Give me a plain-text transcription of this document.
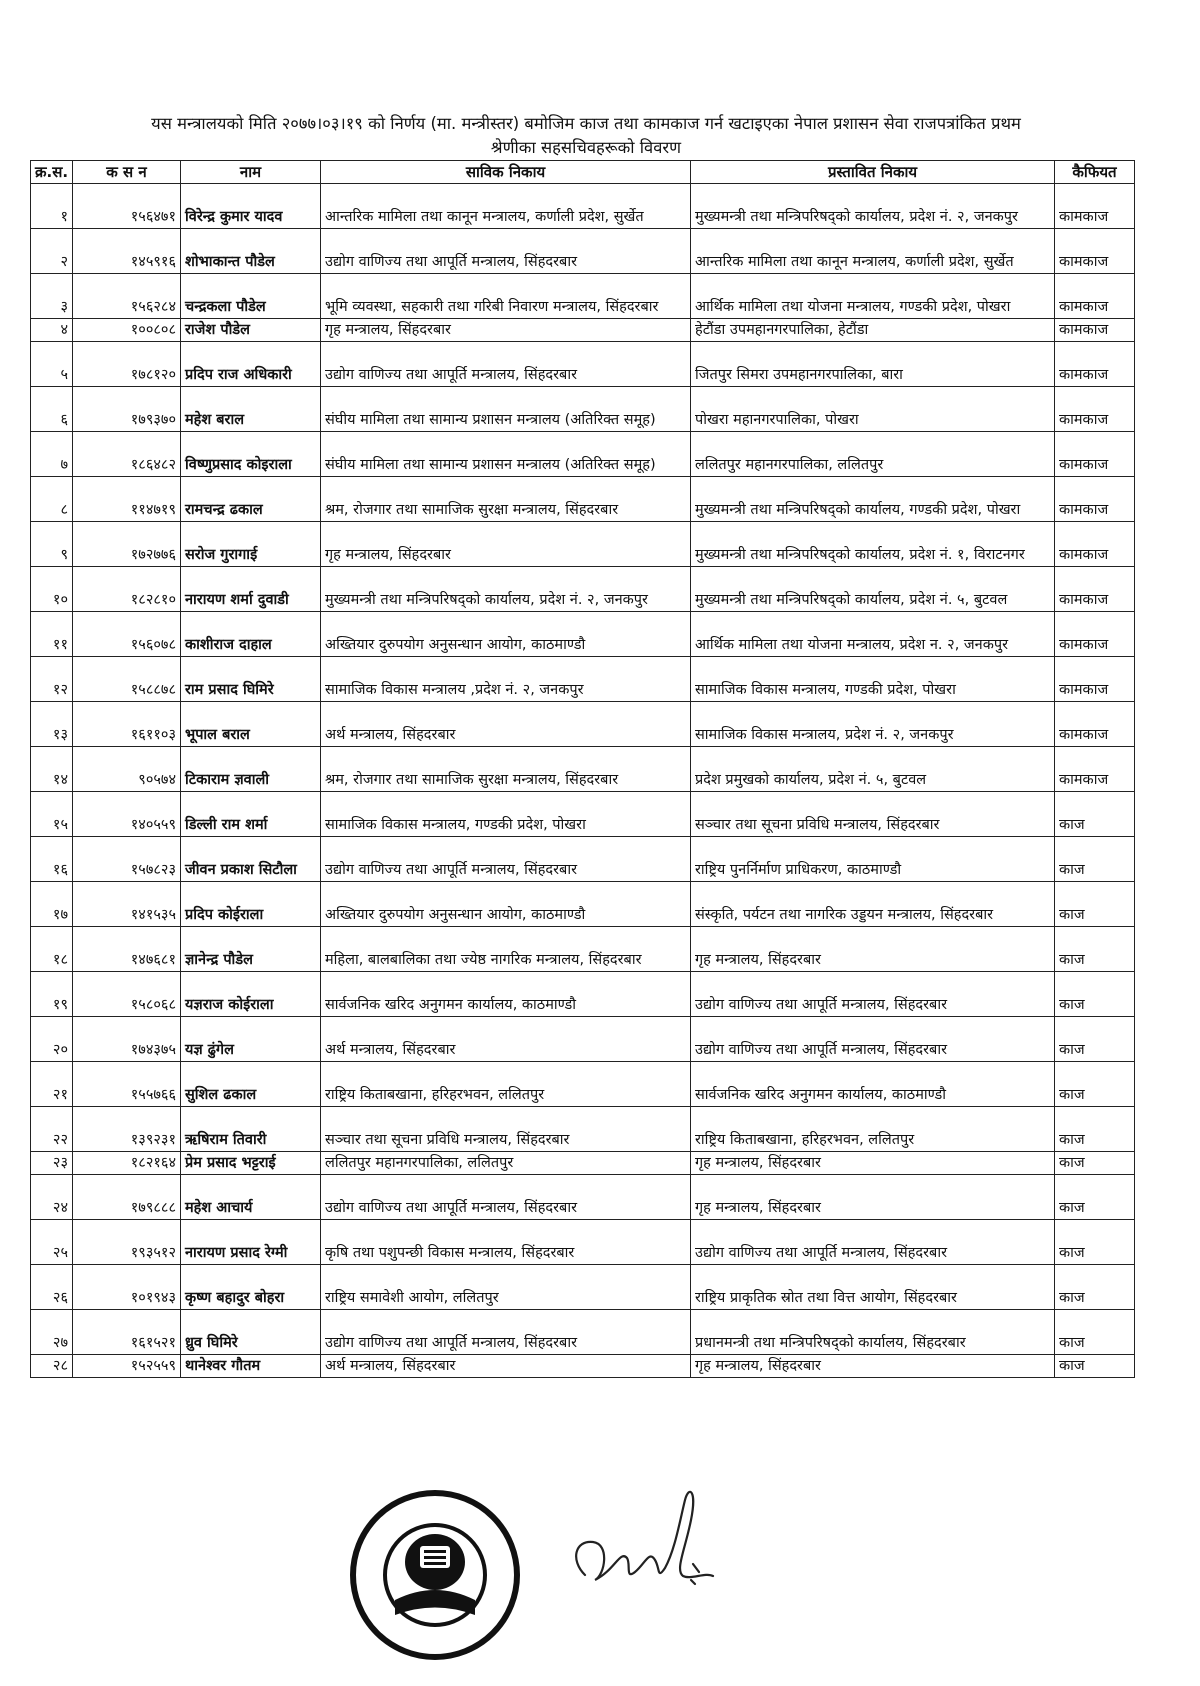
यस मन्त्रालयको मिति २०७७।०३।१९ को निर्णय (मा. मन्त्रीस्तर) बमोजिम काज तथा कामकाज गर्न खटाइएका नेपाल प्रशासन सेवा राजपत्रांकित प्रथम
श्रेणीका सहसचिवहरूको विवरण
क्र.स.	क स न	नाम	साविक निकाय	प्रस्तावित निकाय	कैफियत
१	१५६४७१	विरेन्द्र कुमार यादव	आन्तरिक मामिला तथा कानून मन्त्रालय, कर्णाली प्रदेश, सुर्खेत	मुख्यमन्त्री तथा मन्त्रिपरिषद्को कार्यालय, प्रदेश नं. २, जनकपुर	कामकाज
२	१४५९१६	शोभाकान्त पौडेल	उद्योग वाणिज्य तथा आपूर्ति मन्त्रालय, सिंहदरबार	आन्तरिक मामिला तथा कानून मन्त्रालय, कर्णाली प्रदेश, सुर्खेत	कामकाज
३	१५६२८४	चन्द्रकला पौडेल	भूमि व्यवस्था, सहकारी तथा गरिबी निवारण मन्त्रालय, सिंहदरबार	आर्थिक मामिला तथा योजना मन्त्रालय, गण्डकी प्रदेश, पोखरा	कामकाज
४	१००८०८	राजेश पौडेल	गृह मन्त्रालय, सिंहदरबार	हेटौंडा उपमहानगरपालिका, हेटौंडा	कामकाज
५	१७८१२०	प्रदिप राज अधिकारी	उद्योग वाणिज्य तथा आपूर्ति मन्त्रालय, सिंहदरबार	जितपुर सिमरा उपमहानगरपालिका, बारा	कामकाज
६	१७९३७०	महेश बराल	संघीय मामिला तथा सामान्य प्रशासन मन्त्रालय (अतिरिक्त समूह)	पोखरा महानगरपालिका, पोखरा	कामकाज
७	१८६४८२	विष्णुप्रसाद कोइराला	संघीय मामिला तथा सामान्य प्रशासन मन्त्रालय (अतिरिक्त समूह)	ललितपुर महानगरपालिका, ललितपुर	कामकाज
८	११४७१९	रामचन्द्र ढकाल	श्रम, रोजगार तथा सामाजिक सुरक्षा मन्त्रालय, सिंहदरबार	मुख्यमन्त्री तथा मन्त्रिपरिषद्को कार्यालय, गण्डकी प्रदेश, पोखरा	कामकाज
९	१७२७७६	सरोज गुरागाई	गृह मन्त्रालय, सिंहदरबार	मुख्यमन्त्री तथा मन्त्रिपरिषद्को कार्यालय, प्रदेश नं. १, विराटनगर	कामकाज
१०	१८२८१०	नारायण शर्मा दुवाडी	मुख्यमन्त्री तथा मन्त्रिपरिषद्को कार्यालय, प्रदेश नं. २, जनकपुर	मुख्यमन्त्री तथा मन्त्रिपरिषद्को कार्यालय, प्रदेश नं. ५, बुटवल	कामकाज
११	१५६०७८	काशीराज दाहाल	अख्तियार दुरुपयोग अनुसन्धान आयोग, काठमाण्डौ	आर्थिक मामिला तथा योजना मन्त्रालय, प्रदेश न. २, जनकपुर	कामकाज
१२	१५८८७८	राम प्रसाद घिमिरे	सामाजिक विकास मन्त्रालय ,प्रदेश नं. २, जनकपुर	सामाजिक विकास मन्त्रालय, गण्डकी प्रदेश, पोखरा	कामकाज
१३	१६११०३	भूपाल बराल	अर्थ मन्त्रालय, सिंहदरबार	सामाजिक विकास मन्त्रालय, प्रदेश नं. २, जनकपुर	कामकाज
१४	९०५७४	टिकाराम ज्ञवाली	श्रम, रोजगार तथा सामाजिक सुरक्षा मन्त्रालय, सिंहदरबार	प्रदेश प्रमुखको कार्यालय, प्रदेश नं. ५, बुटवल	कामकाज
१५	१४०५५९	डिल्ली राम शर्मा	सामाजिक विकास मन्त्रालय, गण्डकी प्रदेश, पोखरा	सञ्चार तथा सूचना प्रविधि मन्त्रालय, सिंहदरबार	काज
१६	१५७८२३	जीवन प्रकाश सिटौला	उद्योग वाणिज्य तथा आपूर्ति मन्त्रालय, सिंहदरबार	राष्ट्रिय पुनर्निर्माण प्राधिकरण, काठमाण्डौ	काज
१७	१४१५३५	प्रदिप कोईराला	अख्तियार दुरुपयोग अनुसन्धान आयोग, काठमाण्डौ	संस्कृति, पर्यटन तथा नागरिक उड्डयन मन्त्रालय, सिंहदरबार	काज
१८	१४७६८१	ज्ञानेन्द्र पौडेल	महिला, बालबालिका तथा ज्येष्ठ नागरिक मन्त्रालय, सिंहदरबार	गृह मन्त्रालय, सिंहदरबार	काज
१९	१५८०६८	यज्ञराज कोईराला	सार्वजनिक खरिद अनुगमन कार्यालय, काठमाण्डौ	उद्योग वाणिज्य तथा आपूर्ति मन्त्रालय, सिंहदरबार	काज
२०	१७४३७५	यज्ञ ढुंगेल	अर्थ मन्त्रालय, सिंहदरबार	उद्योग वाणिज्य तथा आपूर्ति मन्त्रालय, सिंहदरबार	काज
२१	१५५७६६	सुशिल ढकाल	राष्ट्रिय किताबखाना, हरिहरभवन, ललितपुर	सार्वजनिक खरिद अनुगमन कार्यालय, काठमाण्डौ	काज
२२	१३९२३१	ऋषिराम तिवारी	सञ्चार तथा सूचना प्रविधि मन्त्रालय, सिंहदरबार	राष्ट्रिय किताबखाना, हरिहरभवन, ललितपुर	काज
२३	१८२१६४	प्रेम प्रसाद भट्टराई	ललितपुर महानगरपालिका, ललितपुर	गृह मन्त्रालय, सिंहदरबार	काज
२४	१७९८८८	महेश आचार्य	उद्योग वाणिज्य तथा आपूर्ति मन्त्रालय, सिंहदरबार	गृह मन्त्रालय, सिंहदरबार	काज
२५	१९३५१२	नारायण प्रसाद रेग्मी	कृषि तथा पशुपन्छी विकास मन्त्रालय, सिंहदरबार	उद्योग वाणिज्य तथा आपूर्ति मन्त्रालय, सिंहदरबार	काज
२६	१०१९४३	कृष्ण बहादुर बोहरा	राष्ट्रिय समावेशी आयोग, ललितपुर	राष्ट्रिय प्राकृतिक स्रोत तथा वित्त आयोग, सिंहदरबार	काज
२७	१६१५२१	ध्रुव घिमिरे	उद्योग वाणिज्य तथा आपूर्ति मन्त्रालय, सिंहदरबार	प्रधानमन्त्री तथा मन्त्रिपरिषद्को कार्यालय, सिंहदरबार	काज
२८	१५२५५९	थानेश्वर गौतम	अर्थ मन्त्रालय, सिंहदरबार	गृह मन्त्रालय, सिंहदरबार	काज
